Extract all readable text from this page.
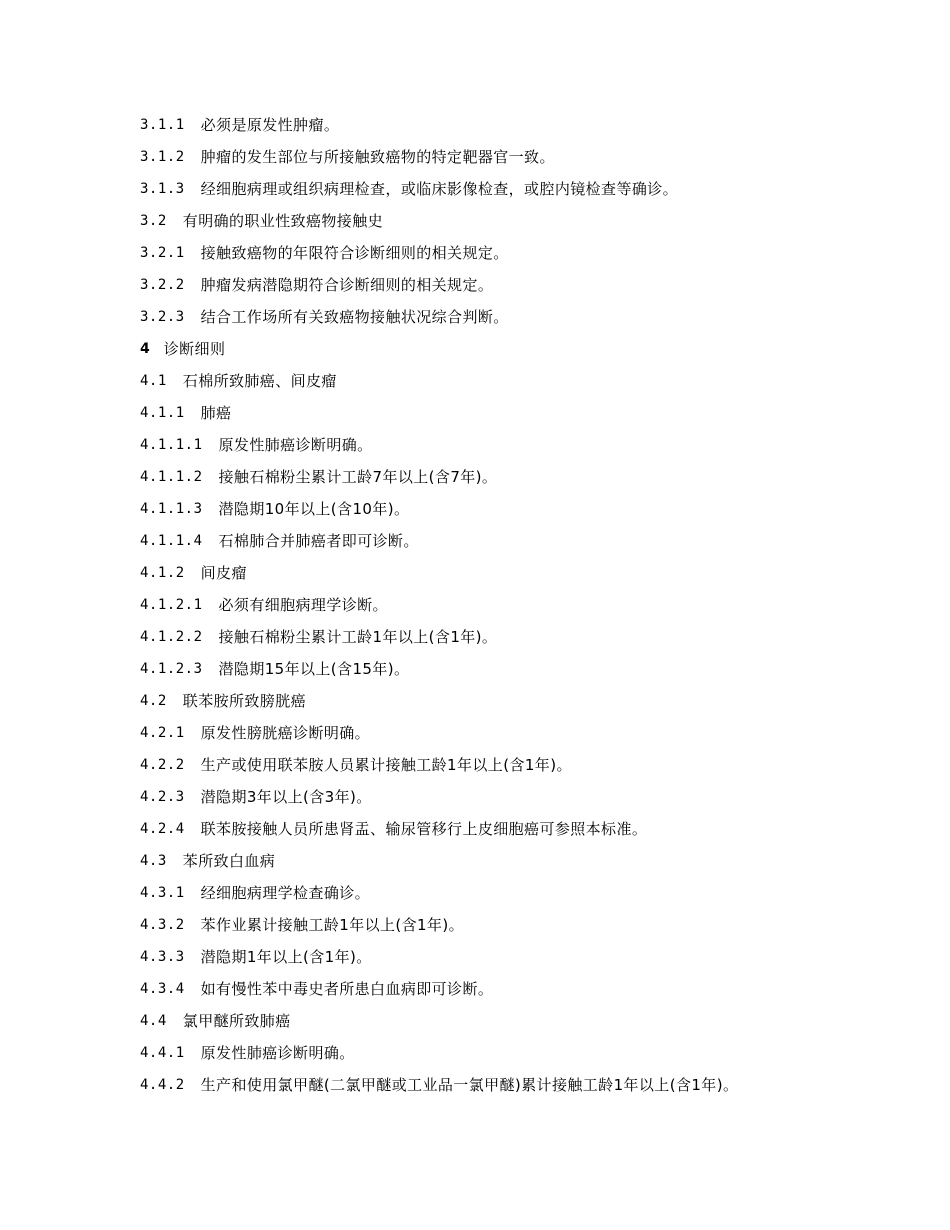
3.1.1	必须是原发性肿瘤。
3.1.2	肿瘤的发生部位与所接触致癌物的特定靶器官一致。
3.1.3	经细胞病理或组织病理检查，或临床影像检查，或腔内镜检查等确诊。
3.2	有明确的职业性致癌物接触史
3.2.1	接触致癌物的年限符合诊断细则的相关规定。
3.2.2	肿瘤发病潜隐期符合诊断细则的相关规定。
3.2.3	结合工作场所有关致癌物接触状况综合判断。
4 诊断细则
4.1	石棉所致肺癌、间皮瘤
4.1.1	肺癌
4.1.1.1	原发性肺癌诊断明确。
4.1.1.2	接触石棉粉尘累计工龄7年以上(含7年)。
4.1.1.3	潜隐期10年以上(含10年)。
4.1.1.4	石棉肺合并肺癌者即可诊断。
4.1.2	间皮瘤
4.1.2.1	必须有细胞病理学诊断。
4.1.2.2	接触石棉粉尘累计工龄1年以上(含1年)。
4.1.2.3	潜隐期15年以上(含15年)。
4.2	联苯胺所致膀胱癌
4.2.1	原发性膀胱癌诊断明确。
4.2.2	生产或使用联苯胺人员累计接触工龄1年以上(含1年)。
4.2.3	潜隐期3年以上(含3年)。
4.2.4	联苯胺接触人员所患肾盂、输尿管移行上皮细胞癌可参照本标准。
4.3	苯所致白血病
4.3.1	经细胞病理学检查确诊。
4.3.2	苯作业累计接触工龄1年以上(含1年)。
4.3.3	潜隐期1年以上(含1年)。
4.3.4	如有慢性苯中毒史者所患白血病即可诊断。
4.4	氯甲醚所致肺癌
4.4.1	原发性肺癌诊断明确。
4.4.2	生产和使用氯甲醚(二氯甲醚或工业品一氯甲醚)累计接触工龄1年以上(含1年)。
